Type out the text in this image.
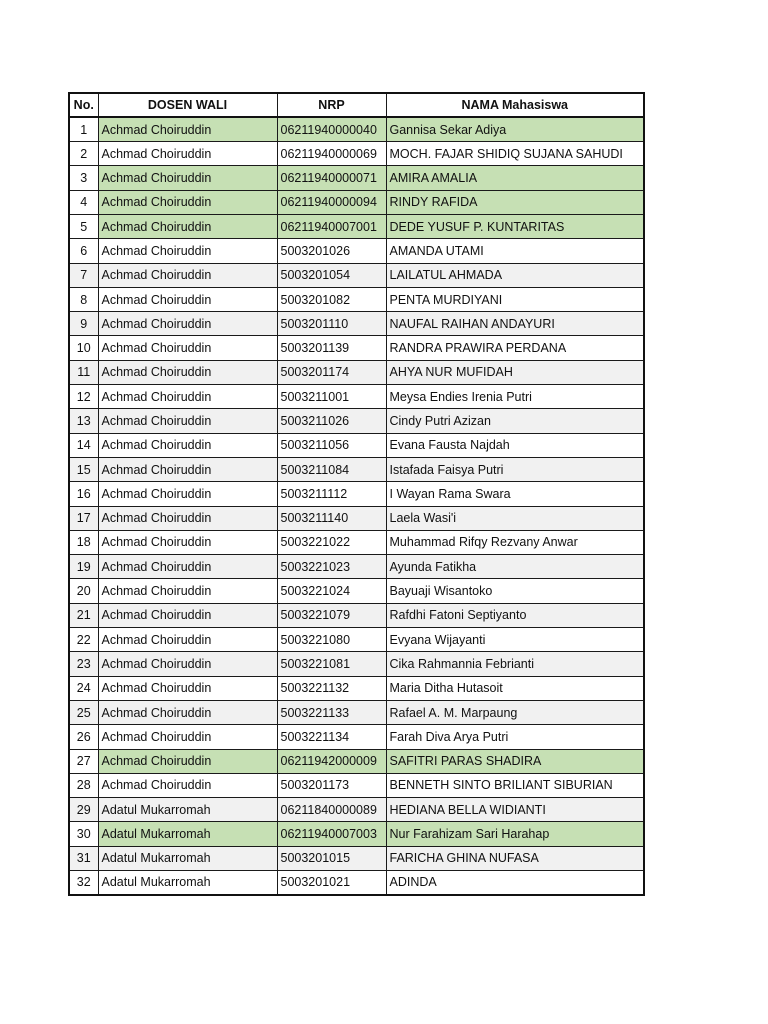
No.	DOSEN WALI	NRP	NAMA Mahasiswa
1	Achmad Choiruddin	06211940000040	Gannisa Sekar Adiya
2	Achmad Choiruddin	06211940000069	MOCH. FAJAR SHIDIQ SUJANA SAHUDI
3	Achmad Choiruddin	06211940000071	AMIRA AMALIA
4	Achmad Choiruddin	06211940000094	RINDY RAFIDA
5	Achmad Choiruddin	06211940007001	DEDE YUSUF P. KUNTARITAS
6	Achmad Choiruddin	5003201026	AMANDA UTAMI
7	Achmad Choiruddin	5003201054	LAILATUL AHMADA
8	Achmad Choiruddin	5003201082	PENTA MURDIYANI
9	Achmad Choiruddin	5003201110	NAUFAL RAIHAN ANDAYURI
10	Achmad Choiruddin	5003201139	RANDRA PRAWIRA PERDANA
11	Achmad Choiruddin	5003201174	AHYA NUR MUFIDAH
12	Achmad Choiruddin	5003211001	Meysa Endies Irenia Putri
13	Achmad Choiruddin	5003211026	Cindy Putri Azizan
14	Achmad Choiruddin	5003211056	Evana Fausta Najdah
15	Achmad Choiruddin	5003211084	Istafada Faisya Putri
16	Achmad Choiruddin	5003211112	I Wayan Rama Swara
17	Achmad Choiruddin	5003211140	Laela Wasi'i
18	Achmad Choiruddin	5003221022	Muhammad Rifqy Rezvany Anwar
19	Achmad Choiruddin	5003221023	Ayunda Fatikha
20	Achmad Choiruddin	5003221024	Bayuaji Wisantoko
21	Achmad Choiruddin	5003221079	Rafdhi Fatoni Septiyanto
22	Achmad Choiruddin	5003221080	Evyana Wijayanti
23	Achmad Choiruddin	5003221081	Cika Rahmannia Febrianti
24	Achmad Choiruddin	5003221132	Maria Ditha Hutasoit
25	Achmad Choiruddin	5003221133	Rafael A. M. Marpaung
26	Achmad Choiruddin	5003221134	Farah Diva Arya Putri
27	Achmad Choiruddin	06211942000009	SAFITRI PARAS SHADIRA
28	Achmad Choiruddin	5003201173	BENNETH SINTO BRILIANT SIBURIAN
29	Adatul Mukarromah	06211840000089	HEDIANA BELLA WIDIANTI
30	Adatul Mukarromah	06211940007003	Nur Farahizam Sari Harahap
31	Adatul Mukarromah	5003201015	FARICHA GHINA NUFASA
32	Adatul Mukarromah	5003201021	ADINDA
